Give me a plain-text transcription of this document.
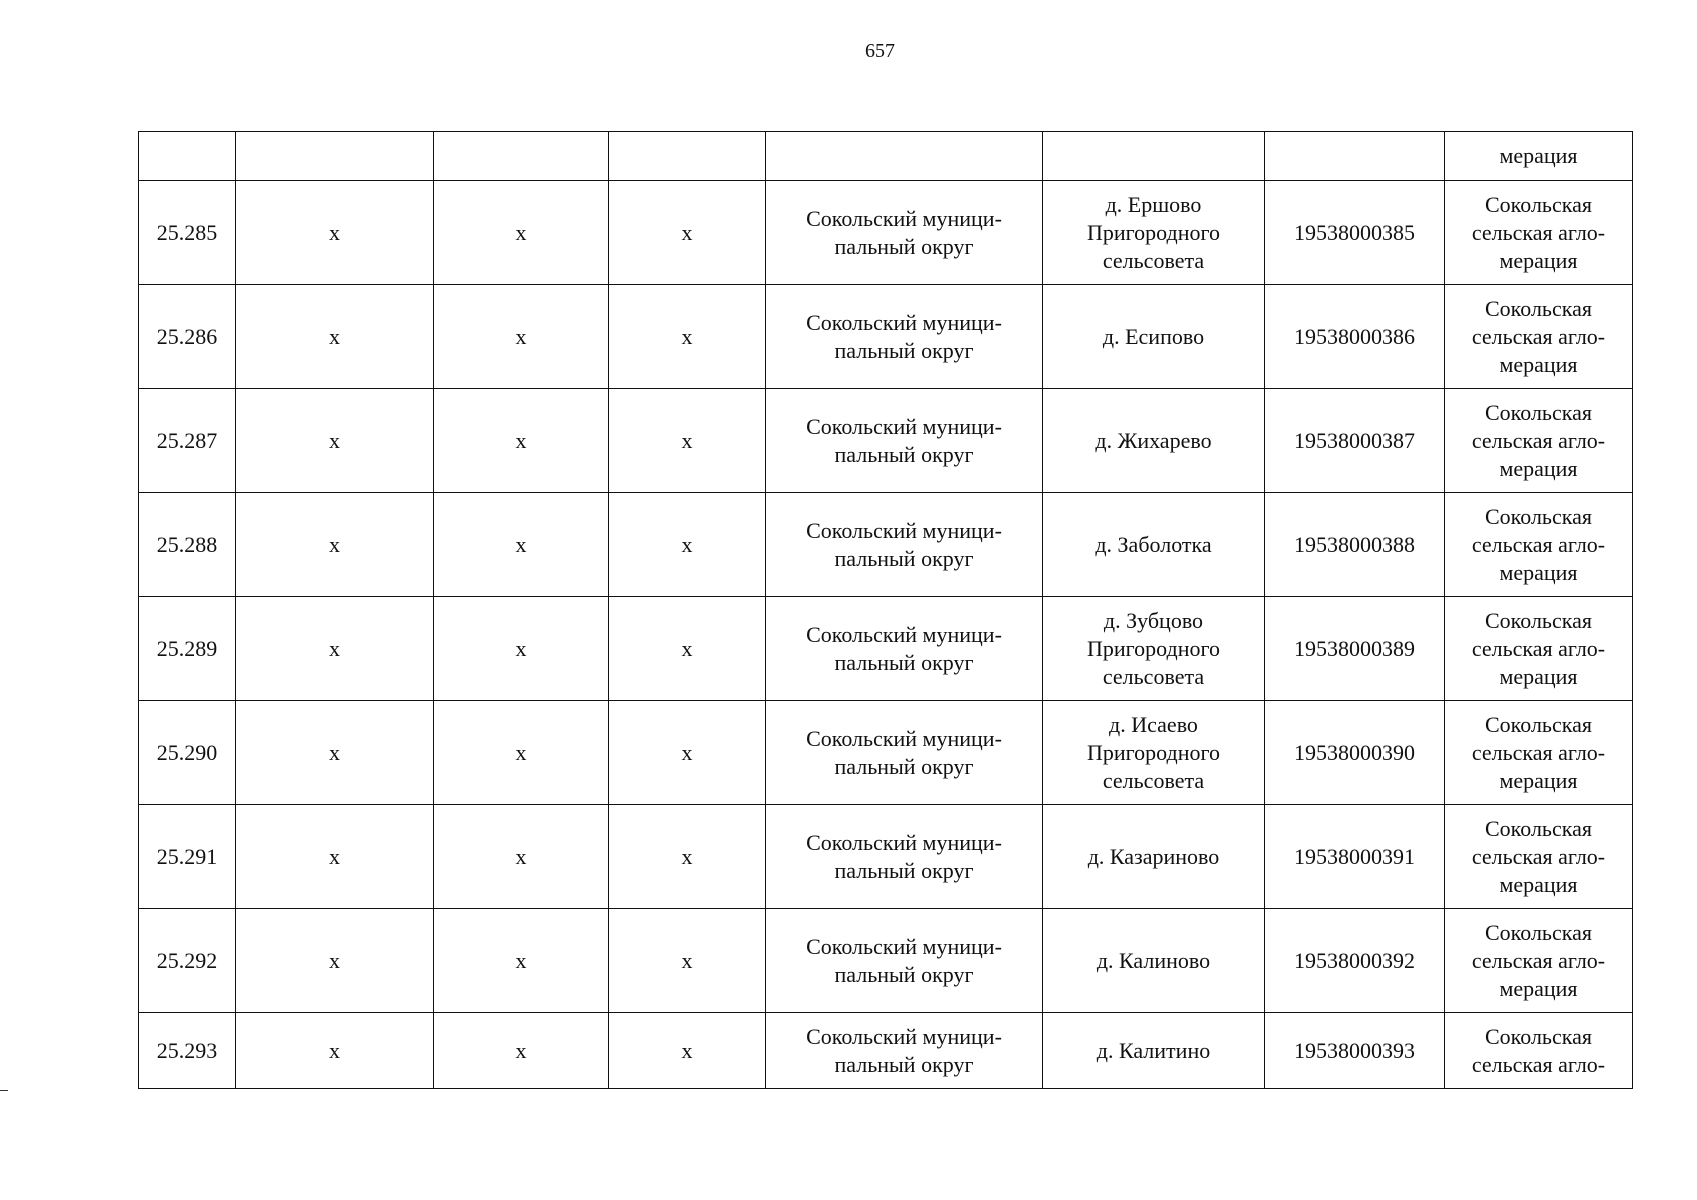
657
							мерация
25.285	х	х	х	Сокольский муници-
пальный округ	д. Ершово
Пригородного
сельсовета	19538000385	Сокольская
сельская агло-
мерация

25.286	х	х	х	Сокольский муници-
пальный округ	д. Есипово	19538000386	Сокольская
сельская агло-
мерация

25.287	х	х	х	Сокольский муници-
пальный округ	д. Жихарево	19538000387	Сокольская
сельская агло-
мерация

25.288	х	х	х	Сокольский муници-
пальный округ	д. Заболотка	19538000388	Сокольская
сельская агло-
мерация

25.289	х	х	х	Сокольский муници-
пальный округ	д. Зубцово
Пригородного
сельсовета	19538000389	Сокольская
сельская агло-
мерация

25.290	х	х	х	Сокольский муници-
пальный округ	д. Исаево
Пригородного
сельсовета	19538000390	Сокольская
сельская агло-
мерация

25.291	х	х	х	Сокольский муници-
пальный округ	д. Казариново	19538000391	Сокольская
сельская агло-
мерация

25.292	х	х	х	Сокольский муници-
пальный округ	д. Калиново	19538000392	Сокольская
сельская агло-
мерация

25.293	х	х	х	Сокольский муници-
пальный округ	д. Калитино	19538000393	Сокольская
сельская агло-
